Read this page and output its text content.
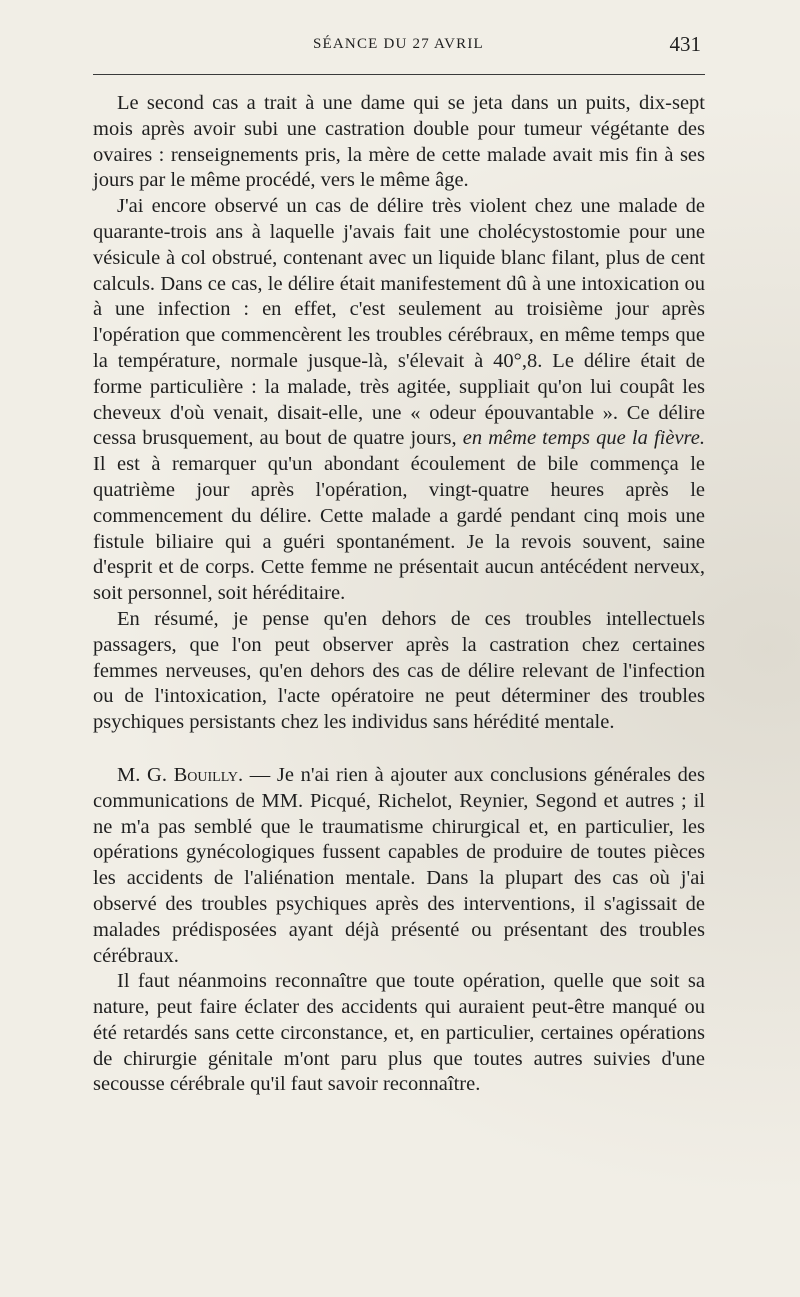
SÉANCE DU 27 AVRIL	431

Le second cas a trait à une dame qui se jeta dans un puits, dix-sept mois après avoir subi une castration double pour tumeur végétante des ovaires : renseignements pris, la mère de cette malade avait mis fin à ses jours par le même procédé, vers le même âge.

J'ai encore observé un cas de délire très violent chez une malade de quarante-trois ans à laquelle j'avais fait une cholécystostomie pour une vésicule à col obstrué, contenant avec un liquide blanc filant, plus de cent calculs. Dans ce cas, le délire était manifestement dû à une intoxication ou à une infection : en effet, c'est seulement au troisième jour après l'opération que commencèrent les troubles cérébraux, en même temps que la température, normale jusque-là, s'élevait à 40°,8. Le délire était de forme particulière : la malade, très agitée, suppliait qu'on lui coupât les cheveux d'où venait, disait-elle, une « odeur épouvantable ». Ce délire cessa brusquement, au bout de quatre jours, en même temps que la fièvre. Il est à remarquer qu'un abondant écoulement de bile commença le quatrième jour après l'opération, vingt-quatre heures après le commencement du délire. Cette malade a gardé pendant cinq mois une fistule biliaire qui a guéri spontanément. Je la revois souvent, saine d'esprit et de corps. Cette femme ne présentait aucun antécédent nerveux, soit personnel, soit héréditaire.

En résumé, je pense qu'en dehors de ces troubles intellectuels passagers, que l'on peut observer après la castration chez certaines femmes nerveuses, qu'en dehors des cas de délire relevant de l'infection ou de l'intoxication, l'acte opératoire ne peut déterminer des troubles psychiques persistants chez les individus sans hérédité mentale.

M. G. Bouilly. — Je n'ai rien à ajouter aux conclusions générales des communications de MM. Picqué, Richelot, Reynier, Segond et autres ; il ne m'a pas semblé que le traumatisme chirurgical et, en particulier, les opérations gynécologiques fussent capables de produire de toutes pièces les accidents de l'aliénation mentale. Dans la plupart des cas où j'ai observé des troubles psychiques après des interventions, il s'agissait de malades prédisposées ayant déjà présenté ou présentant des troubles cérébraux.

Il faut néanmoins reconnaître que toute opération, quelle que soit sa nature, peut faire éclater des accidents qui auraient peut-être manqué ou été retardés sans cette circonstance, et, en particulier, certaines opérations de chirurgie génitale m'ont paru plus que toutes autres suivies d'une secousse cérébrale qu'il faut savoir reconnaître.
